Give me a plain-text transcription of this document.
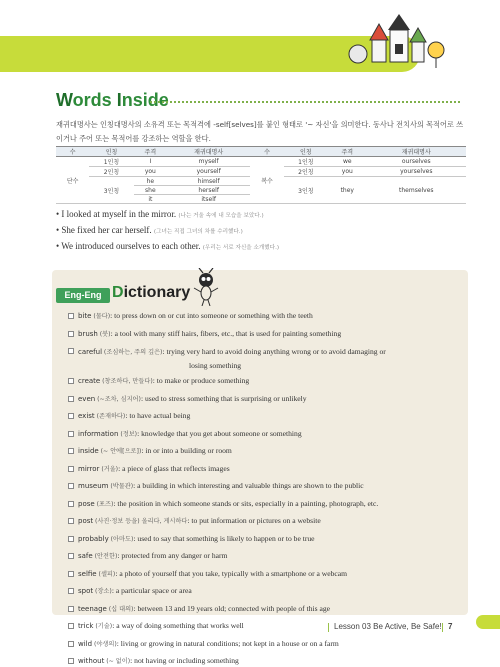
Words Inside
재귀대명사는 인칭대명사의 소유격 또는 목적격에 -self[selves]를 붙인 형태로 '~ 자신'을 의미한다. 동사나 전치사의 목적어로 쓰이거나 주어 또는 목적어를 강조하는 역할을 한다.
수	인칭	주격	재귀대명사	수	인칭	주격	재귀대명사
단수	1인칭	I	myself	복수	1인칭	we	ourselves
	2인칭	you	yourself		2인칭	you	yourselves
	3인칭	he	himself		3인칭	they	themselves
		she	herself				
		it	itself				
• I looked at myself in the mirror. (나는 거울 속에 내 모습을 보았다.)
• She fixed her car herself. (그녀는 직접 그녀의 차를 수리했다.)
• We introduced ourselves to each other. (우리는 서로 자신을 소개했다.)
Eng-Eng Dictionary
bite (물다): to press down on or cut into someone or something with the teeth
brush (붓): a tool with many stiff hairs, fibers, etc., that is used for painting something
careful (조심하는, 주의 깊은): trying very hard to avoid doing anything wrong or to avoid damaging or
losing something
create (창조하다, 만들다): to make or produce something
even (~조차, 심지어): used to stress something that is surprising or unlikely
exist (존재하다): to have actual being
information (정보): knowledge that you get about someone or something
inside (~ 안에[으로]): in or into a building or room
mirror (거울): a piece of glass that reflects images
museum (박물관): a building in which interesting and valuable things are shown to the public
pose (포즈): the position in which someone stands or sits, especially in a painting, photograph, etc.
post (사진·정보 등을) 올리다, 게시하다: to put information or pictures on a website
probably (아마도): used to say that something is likely to happen or to be true
safe (안전한): protected from any danger or harm
selfie (셀피): a photo of yourself that you take, typically with a smartphone or a webcam
spot (장소): a particular space or area
teenage (십 대의): between 13 and 19 years old; connected with people of this age
trick (기술): a way of doing something that works well
wild (야생의): living or growing in natural conditions; not kept in a house or on a farm
without (~ 없이): not having or including something
Lesson 03 Be Active, Be Safe! 7
